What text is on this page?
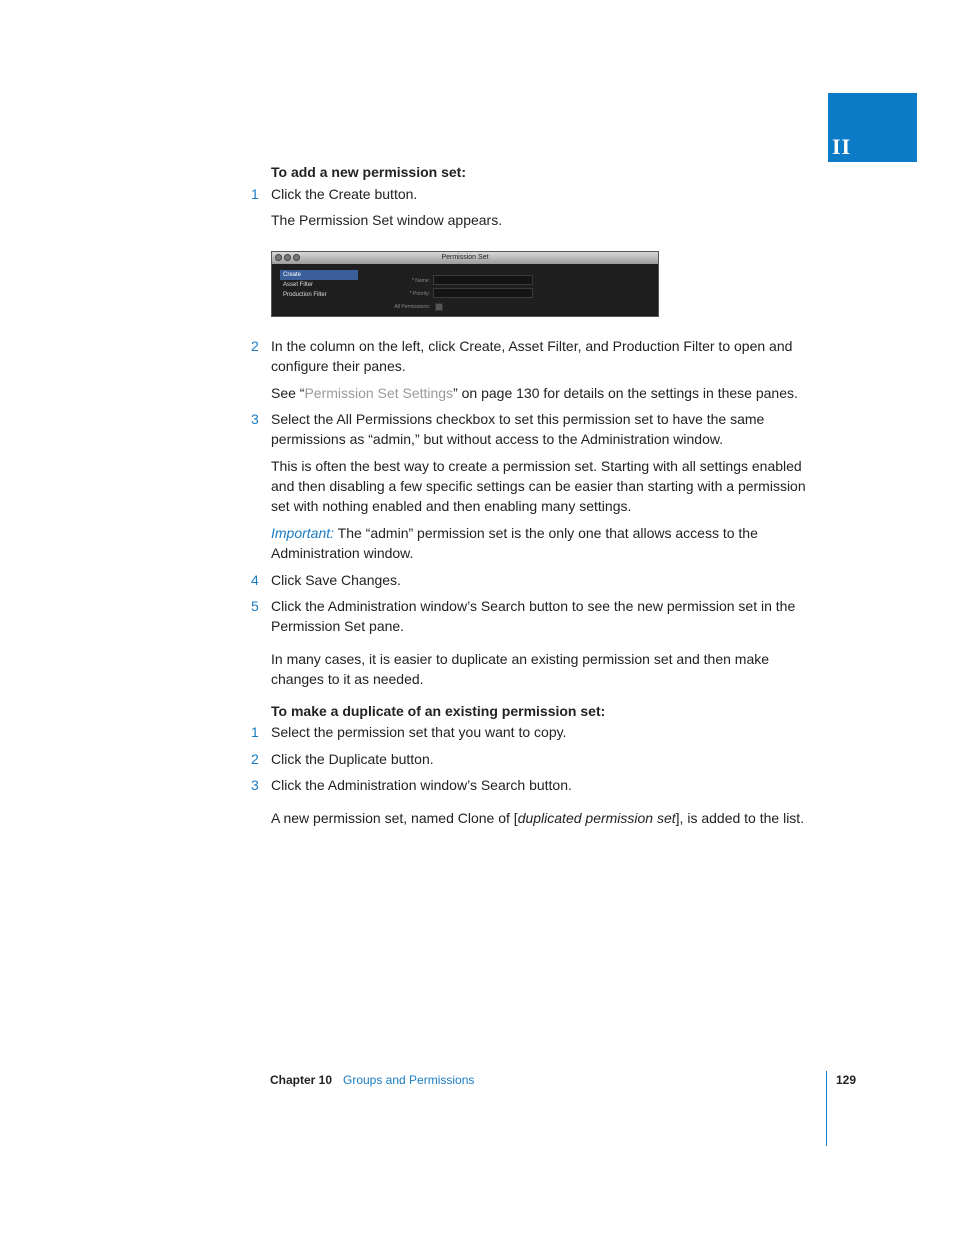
II
To add a new permission set:
1 Click the Create button.
The Permission Set window appears.
Permission Set
Create
Asset Filter
Production Filter
* Name:
* Priority:
All Permissions:
2 In the column on the left, click Create, Asset Filter, and Production Filter to open and
configure their panes.
See “Permission Set Settings” on page 130 for details on the settings in these panes.
3 Select the All Permissions checkbox to set this permission set to have the same
permissions as “admin,” but without access to the Administration window.
This is often the best way to create a permission set. Starting with all settings enabled
and then disabling a few specific settings can be easier than starting with a permission
set with nothing enabled and then enabling many settings.
Important: The “admin” permission set is the only one that allows access to the
Administration window.
4 Click Save Changes.
5 Click the Administration window’s Search button to see the new permission set in the
Permission Set pane.
In many cases, it is easier to duplicate an existing permission set and then make
changes to it as needed.
To make a duplicate of an existing permission set:
1 Select the permission set that you want to copy.
2 Click the Duplicate button.
3 Click the Administration window’s Search button.
A new permission set, named Clone of [duplicated permission set], is added to the list.
Chapter 10 Groups and Permissions	129
